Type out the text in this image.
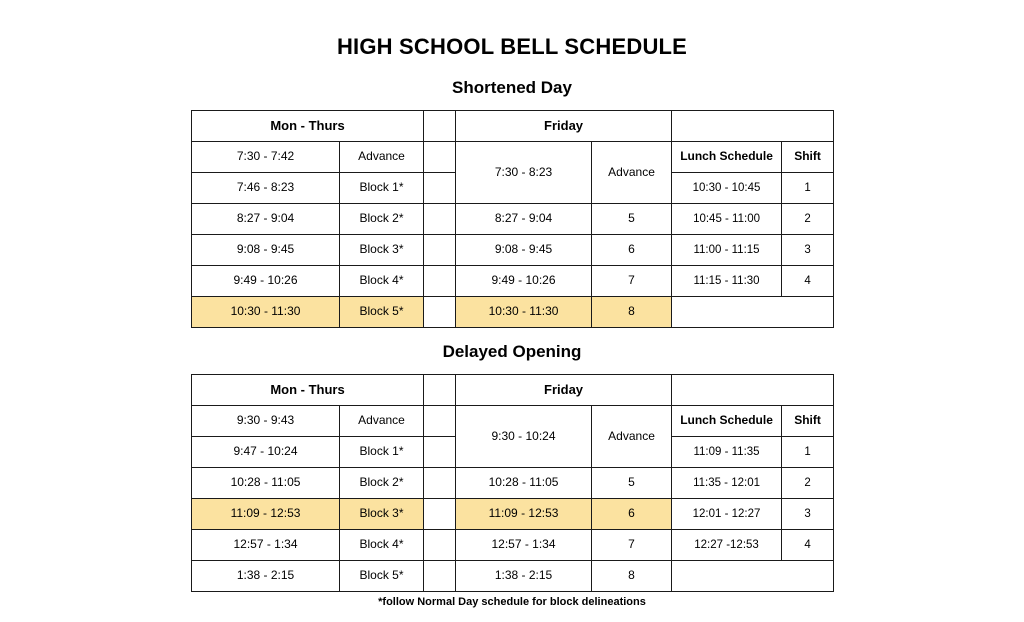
HIGH SCHOOL BELL SCHEDULE
Shortened Day
Mon - Thurs			Friday			
7:30 - 7:42	Advance		7:30 - 8:23	Advance	Lunch Schedule	Shift
7:46 - 8:23	Block 1*				10:30 - 10:45	1
8:27 - 9:04	Block 2*		8:27 - 9:04	5	10:45 - 11:00	2
9:08 - 9:45	Block 3*		9:08 - 9:45	6	11:00 - 11:15	3
9:49 - 10:26	Block 4*		9:49 - 10:26	7	11:15 - 11:30	4
10:30 - 11:30	Block 5*		10:30 - 11:30	8		
Delayed Opening
Mon - Thurs			Friday			
9:30 - 9:43	Advance		9:30 - 10:24	Advance	Lunch Schedule	Shift
9:47 - 10:24	Block 1*				11:09 - 11:35	1
10:28 - 11:05	Block 2*		10:28 - 11:05	5	11:35 - 12:01	2
11:09 - 12:53	Block 3*		11:09 - 12:53	6	12:01 - 12:27	3
12:57 - 1:34	Block 4*		12:57 - 1:34	7	12:27 -12:53	4
1:38 - 2:15	Block 5*		1:38 - 2:15	8		

*follow Normal Day schedule for block delineations
